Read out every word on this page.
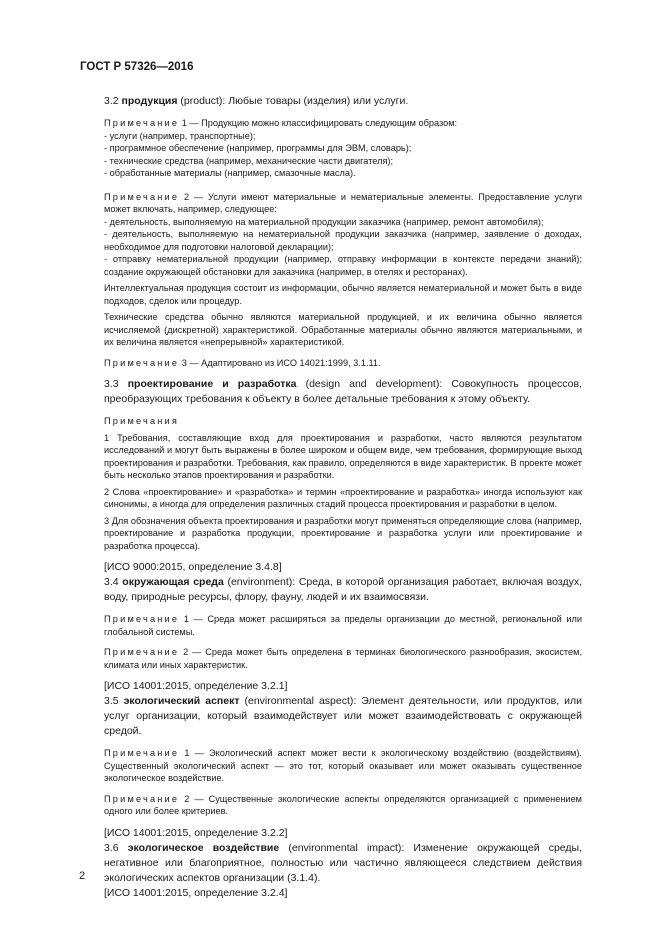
ГОСТ Р 57326—2016

3.2 продукция (product): Любые товары (изделия) или услуги.

Примечание 1 — Продукцию можно классифицировать следующим образом:
- услуги (например, транспортные);
- программное обеспечение (например, программы для ЭВМ, словарь);
- технические средства (например, механические части двигателя);
- обработанные материалы (например, смазочные масла).

Примечание 2 — Услуги имеют материальные и нематериальные элементы. Предоставление услуги может включать, например, следующее:
- деятельность, выполняемую на материальной продукции заказчика (например, ремонт автомобиля);
- деятельность, выполняемую на нематериальной продукции заказчика (например, заявление о доходах, необходимое для подготовки налоговой декларации);
- отправку нематериальной продукции (например, отправку информации в контексте передачи знаний); создание окружающей обстановки для заказчика (например, в отелях и ресторанах).

Интеллектуальная продукция состоит из информации, обычно является нематериальной и может быть в виде подходов, сделок или процедур.

Технические средства обычно являются материальной продукцией, и их величина обычно является исчисляемой (дискретной) характеристикой. Обработанные материалы обычно являются материальными, и их величина является «непрерывной» характеристикой.

Примечание 3 — Адаптировано из ИСО 14021:1999, 3.1.11.

3.3 проектирование и разработка (design and development): Совокупность процессов, преобразующих требования к объекту в более детальные требования к этому объекту.

Примечания

1 Требования, составляющие вход для проектирования и разработки, часто являются результатом исследований и могут быть выражены в более широком и общем виде, чем требования, формирующие выход проектирования и разработки. Требования, как правило, определяются в виде характеристик. В проекте может быть несколько этапов проектирования и разработки.

2 Слова «проектирование» и «разработка» и термин «проектирование и разработка» иногда используют как синонимы, а иногда для определения различных стадий процесса проектирования и разработки в целом.

3 Для обозначения объекта проектирования и разработки могут применяться определяющие слова (например, проектирование и разработка продукции, проектирование и разработка услуги или проектирование и разработка процесса).

[ИСО 9000:2015, определение 3.4.8]

3.4 окружающая среда (environment): Среда, в которой организация работает, включая воздух, воду, природные ресурсы, флору, фауну, людей и их взаимосвязи.

Примечание 1 — Среда может расширяться за пределы организации до местной, региональной или глобальной системы.

Примечание 2 — Среда может быть определена в терминах биологического разнообразия, экосистем, климата или иных характеристик.

[ИСО 14001:2015, определение 3.2.1]

3.5 экологический аспект (environmental aspect): Элемент деятельности, или продуктов, или услуг организации, который взаимодействует или может взаимодействовать с окружающей средой.

Примечание 1 — Экологический аспект может вести к экологическому воздействию (воздействиям). Существенный экологический аспект — это тот, который оказывает или может оказывать существенное экологическое воздействие.

Примечание 2 — Существенные экологические аспекты определяются организацией с применением одного или более критериев.

[ИСО 14001:2015, определение 3.2.2]

3.6 экологическое воздействие (environmental impact): Изменение окружающей среды, негативное или благоприятное, полностью или частично являющееся следствием действия экологических аспектов организации (3.1.4).

[ИСО 14001:2015, определение 3.2.4]

2
